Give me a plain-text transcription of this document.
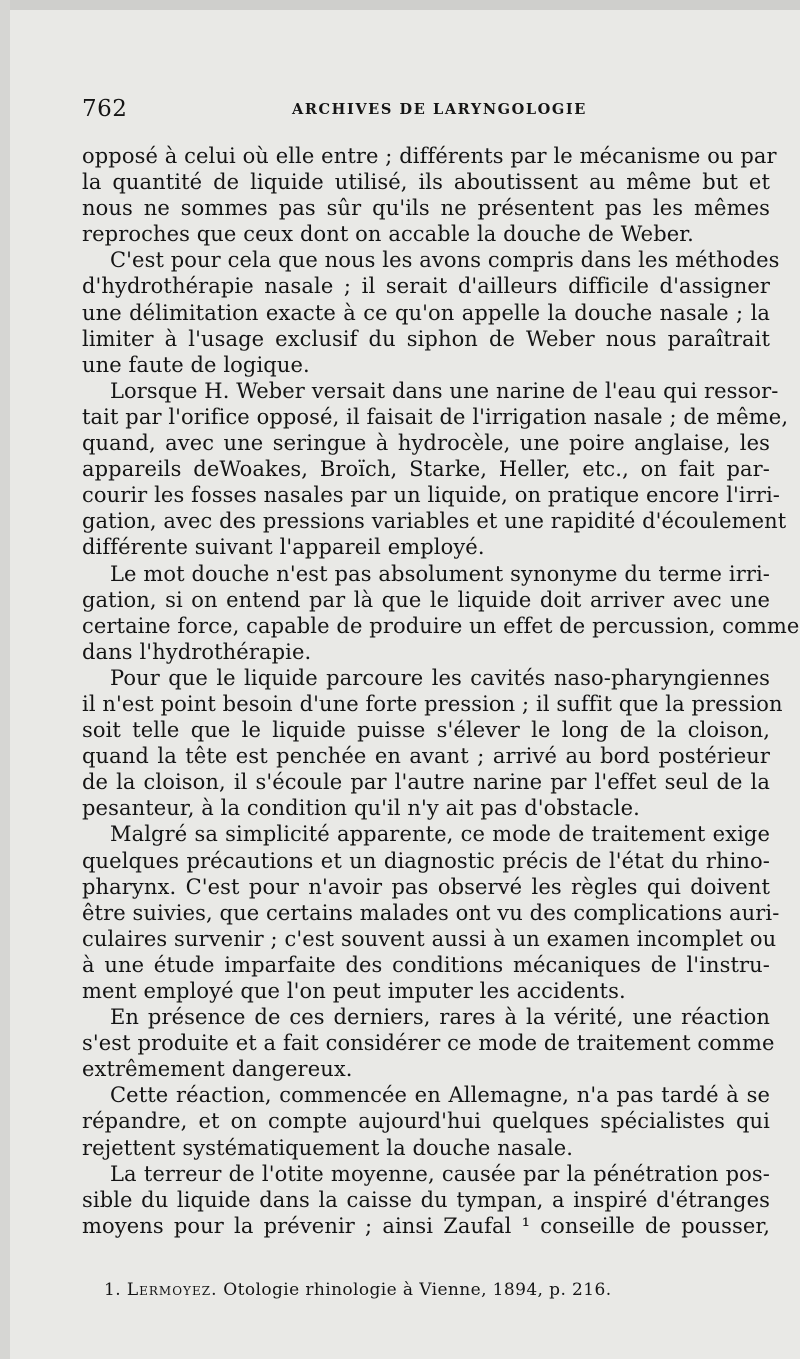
762	ARCHIVES DE LARYNGOLOGIE
opposé à celui où elle entre ; différents par le mécanisme ou par
la quantité de liquide utilisé, ils aboutissent au même but et
nous ne sommes pas sûr qu'ils ne présentent pas les mêmes
reproches que ceux dont on accable la douche de Weber.
C'est pour cela que nous les avons compris dans les méthodes
d'hydrothérapie nasale ; il serait d'ailleurs difficile d'assigner
une délimitation exacte à ce qu'on appelle la douche nasale ; la
limiter à l'usage exclusif du siphon de Weber nous paraîtrait
une faute de logique.
Lorsque H. Weber versait dans une narine de l'eau qui ressor-
tait par l'orifice opposé, il faisait de l'irrigation nasale ; de même,
quand, avec une seringue à hydrocèle, une poire anglaise, les
appareils deWoakes, Broïch, Starke, Heller, etc., on fait par-
courir les fosses nasales par un liquide, on pratique encore l'irri-
gation, avec des pressions variables et une rapidité d'écoulement
différente suivant l'appareil employé.
Le mot douche n'est pas absolument synonyme du terme irri-
gation, si on entend par là que le liquide doit arriver avec une
certaine force, capable de produire un effet de percussion, comme
dans l'hydrothérapie.
Pour que le liquide parcoure les cavités naso-pharyngiennes
il n'est point besoin d'une forte pression ; il suffit que la pression
soit telle que le liquide puisse s'élever le long de la cloison,
quand la tête est penchée en avant ; arrivé au bord postérieur
de la cloison, il s'écoule par l'autre narine par l'effet seul de la
pesanteur, à la condition qu'il n'y ait pas d'obstacle.
Malgré sa simplicité apparente, ce mode de traitement exige
quelques précautions et un diagnostic précis de l'état du rhino-
pharynx. C'est pour n'avoir pas observé les règles qui doivent
être suivies, que certains malades ont vu des complications auri-
culaires survenir ; c'est souvent aussi à un examen incomplet ou
à une étude imparfaite des conditions mécaniques de l'instru-
ment employé que l'on peut imputer les accidents.
En présence de ces derniers, rares à la vérité, une réaction
s'est produite et a fait considérer ce mode de traitement comme
extrêmement dangereux.
Cette réaction, commencée en Allemagne, n'a pas tardé à se
répandre, et on compte aujourd'hui quelques spécialistes qui
rejettent systématiquement la douche nasale.
La terreur de l'otite moyenne, causée par la pénétration pos-
sible du liquide dans la caisse du tympan, a inspiré d'étranges
moyens pour la prévenir ; ainsi Zaufal ¹ conseille de pousser,
1. Lermoyez. Otologie rhinologie à Vienne, 1894, p. 216.
